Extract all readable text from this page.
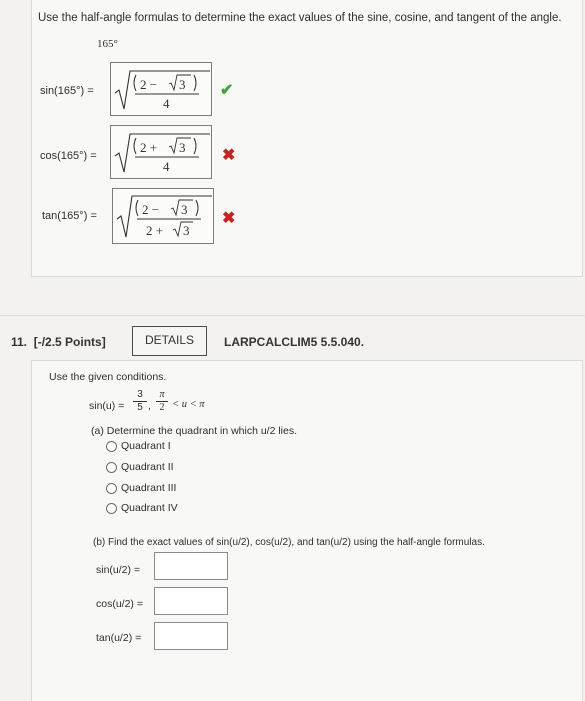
Use the half-angle formulas to determine the exact values of the sine, cosine, and tangent of the angle.
165°
sin(165°) =	2 − 3
4
✔
cos(165°) =
2 + 3
4
✖
tan(165°) =	2 − 3
2 + 3
✖
11. [-/2.5 Points]	DETAILS	LARPCALCLIM5 5.5.040.
Use the given conditions.
sin(u) =
3
5 ,
π
2 < u < π
(a) Determine the quadrant in which u/2 lies.
Quadrant I
Quadrant II
Quadrant III
Quadrant IV
(b) Find the exact values of sin(u/2), cos(u/2), and tan(u/2) using the half-angle formulas.
sin(u/2) =
cos(u/2) =
tan(u/2) =
